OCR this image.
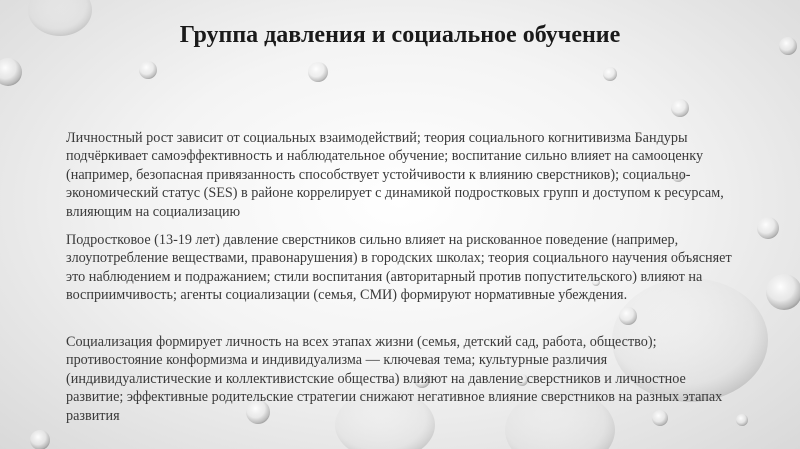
Группа давления и социальное обучение

Личностный рост зависит от социальных взаимодействий; теория социального когнитивизма Бандуры подчёркивает самоэффективность и наблюдательное обучение; воспитание сильно влияет на самооценку (например, безопасная привязанность способствует устойчивости к влиянию сверстников); социально-экономический статус (SES) в районе коррелирует с динамикой подростковых групп и доступом к ресурсам, влияющим на социализацию

Подростковое (13-19 лет) давление сверстников сильно влияет на рискованное поведение (например, злоупотребление веществами, правонарушения) в городских школах; теория социального научения объясняет это наблюдением и подражанием; стили воспитания (авторитарный против попустительского) влияют на восприимчивость; агенты социализации (семья, СМИ) формируют нормативные убеждения.

Социализация формирует личность на всех этапах жизни (семья, детский сад, работа, общество); противостояние конформизма и индивидуализма — ключевая тема; культурные различия (индивидуалистические и коллективистские общества) влияют на давление сверстников и личностное развитие; эффективные родительские стратегии снижают негативное влияние сверстников на разных этапах развития
